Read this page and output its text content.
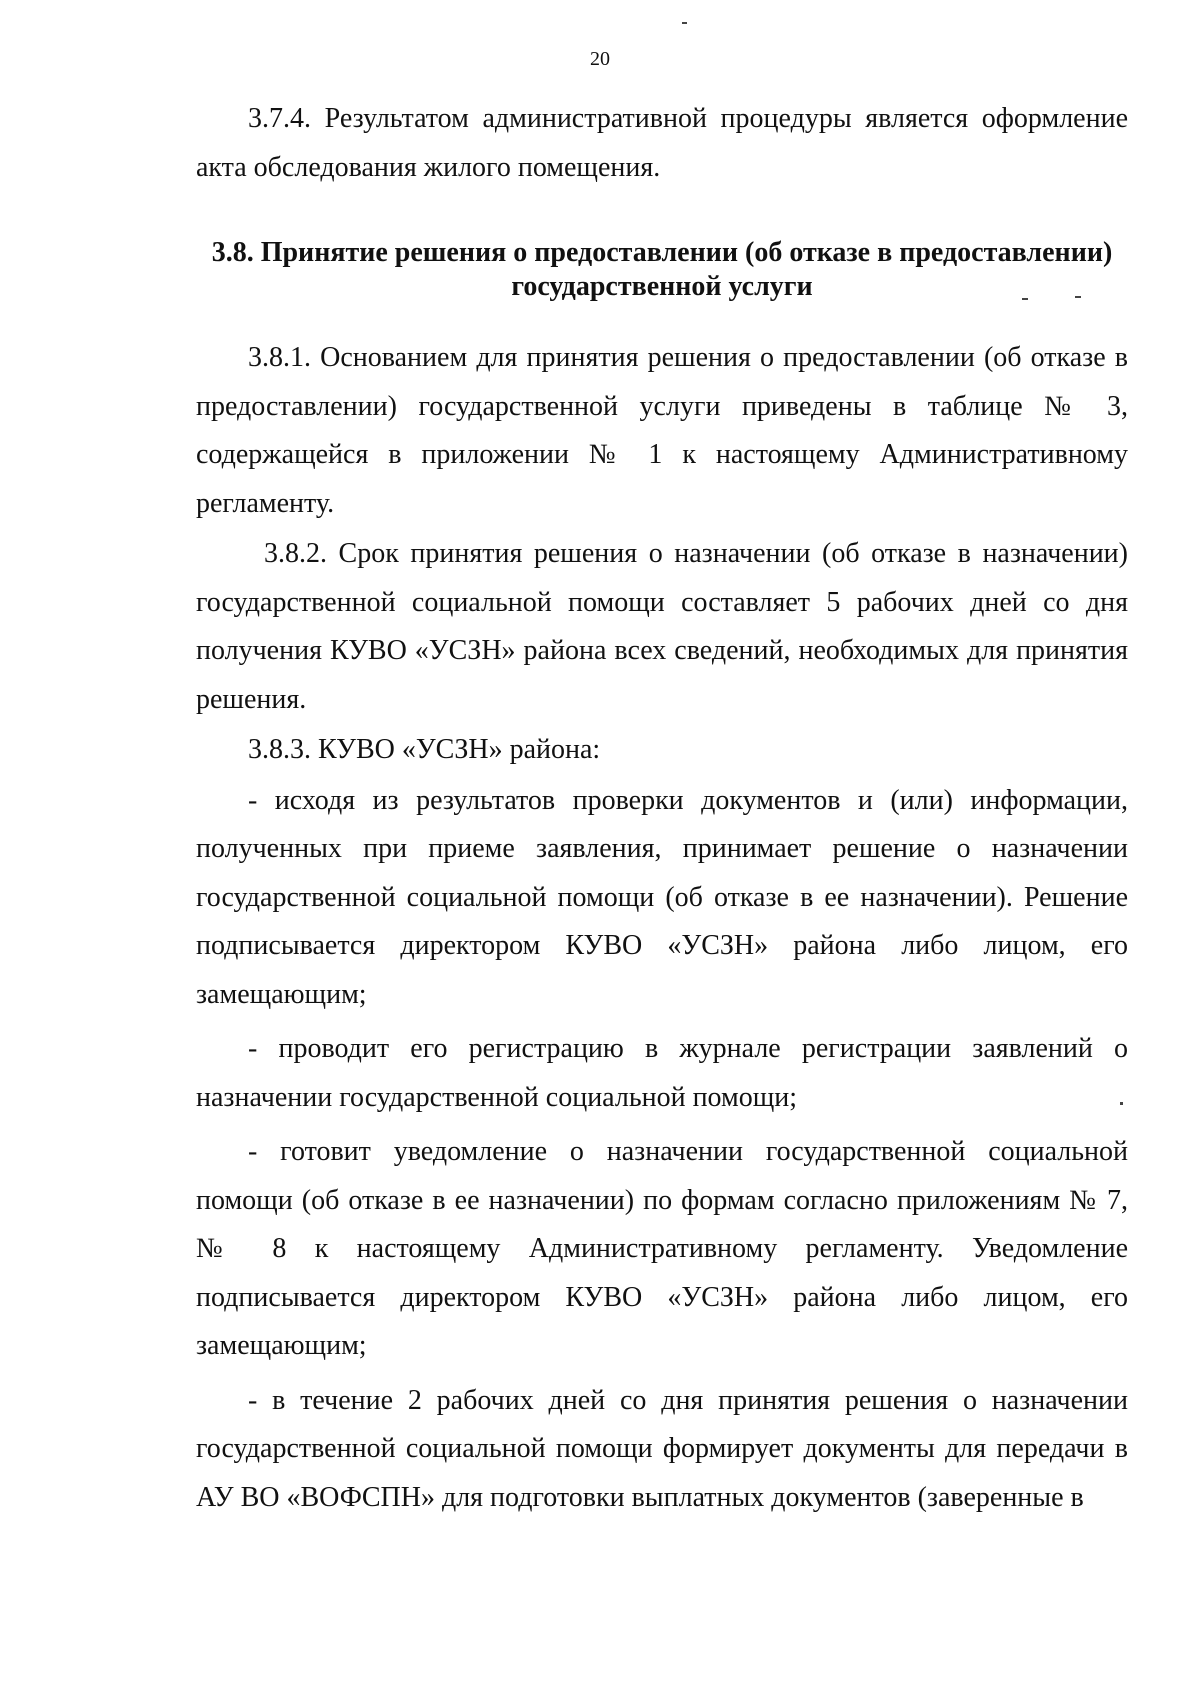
20

3.7.4. Результатом административной процедуры является оформление акта обследования жилого помещения.

3.8. Принятие решения о предоставлении (об отказе в предоставлении)
государственной услуги

3.8.1. Основанием для принятия решения о предоставлении (об отказе в предоставлении) государственной услуги приведены в таблице № 3, содержащейся в приложении № 1 к настоящему Административному регламенту.

3.8.2. Срок принятия решения о назначении (об отказе в назначении) государственной социальной помощи составляет 5 рабочих дней со дня получения КУВО «УСЗН» района всех сведений, необходимых для принятия решения.

3.8.3. КУВО «УСЗН» района:

- исходя из результатов проверки документов и (или) информации, полученных при приеме заявления, принимает решение о назначении государственной социальной помощи (об отказе в ее назначении). Решение подписывается директором КУВО «УСЗН» района либо лицом, его замещающим;

- проводит его регистрацию в журнале регистрации заявлений о назначении государственной социальной помощи;

- готовит уведомление о назначении государственной социальной помощи (об отказе в ее назначении) по формам согласно приложениям № 7, № 8 к настоящему Административному регламенту. Уведомление подписывается директором КУВО «УСЗН» района либо лицом, его замещающим;

- в течение 2 рабочих дней со дня принятия решения о назначении государственной социальной помощи формирует документы для передачи в АУ ВО «ВОФСПН» для подготовки выплатных документов (заверенные в
